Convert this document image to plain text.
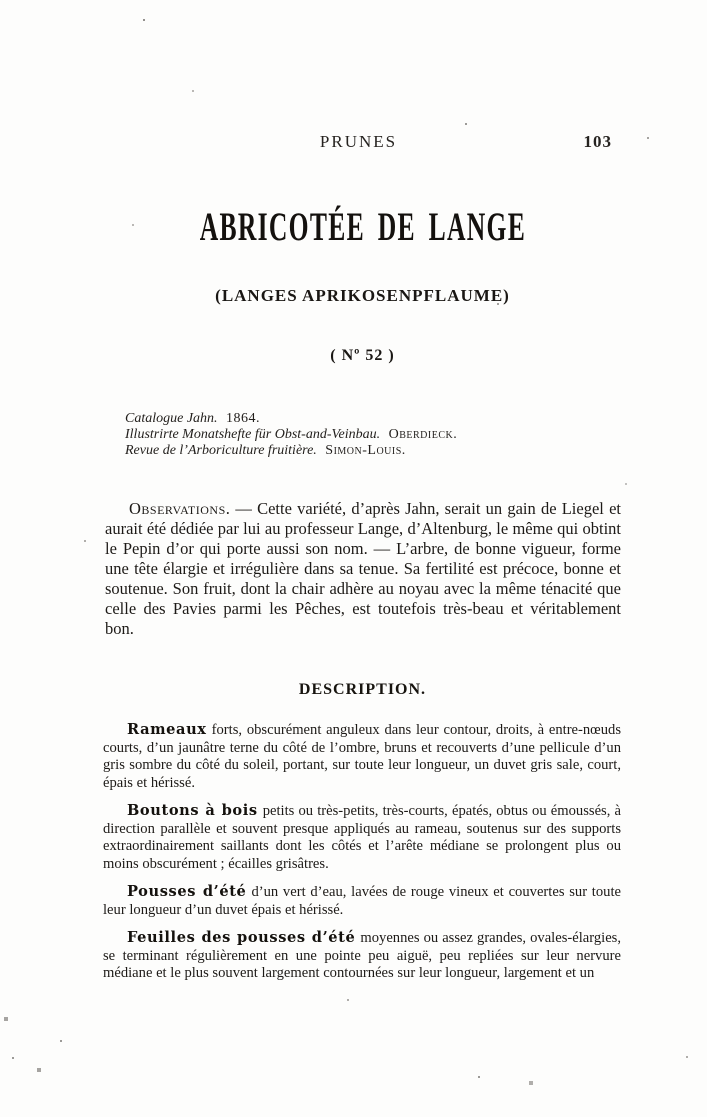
PRUNES	103
ABRICOTÉE DE LANGE
(LANGES APRIKOSENPFLAUME)
( Nº 52 )
Catalogue Jahn. 1864.
Illustrirte Monatshefte für Obst-and-Veinbau. Oberdieck.
Revue de l’Arboriculture fruitière. Simon-Louis.

Observations. — Cette variété, d’après Jahn, serait un gain de Liegel et aurait été dédiée par lui au professeur Lange, d’Altenburg, le même qui obtint le Pepin d’or qui porte aussi son nom. — L’arbre, de bonne vigueur, forme une tête élargie et irrégulière dans sa tenue. Sa fertilité est précoce, bonne et soutenue. Son fruit, dont la chair adhère au noyau avec la même ténacité que celle des Pavies parmi les Pêches, est toutefois très-beau et véritablement bon.

DESCRIPTION.

Rameaux forts, obscurément anguleux dans leur contour, droits, à entre-nœuds courts, d’un jaunâtre terne du côté de l’ombre, bruns et recouverts d’une pellicule d’un gris sombre du côté du soleil, portant, sur toute leur longueur, un duvet gris sale, court, épais et hérissé.

Boutons à bois petits ou très-petits, très-courts, épatés, obtus ou émoussés, à direction parallèle et souvent presque appliqués au rameau, soutenus sur des supports extraordinairement saillants dont les côtés et l’arête médiane se prolongent plus ou moins obscurément ; écailles grisâtres.

Pousses d’été d’un vert d’eau, lavées de rouge vineux et couvertes sur toute leur longueur d’un duvet épais et hérissé.

Feuilles des pousses d’été moyennes ou assez grandes, ovales-élargies, se terminant régulièrement en une pointe peu aiguë, peu repliées sur leur nervure médiane et le plus souvent largement contournées sur leur longueur, largement et un
